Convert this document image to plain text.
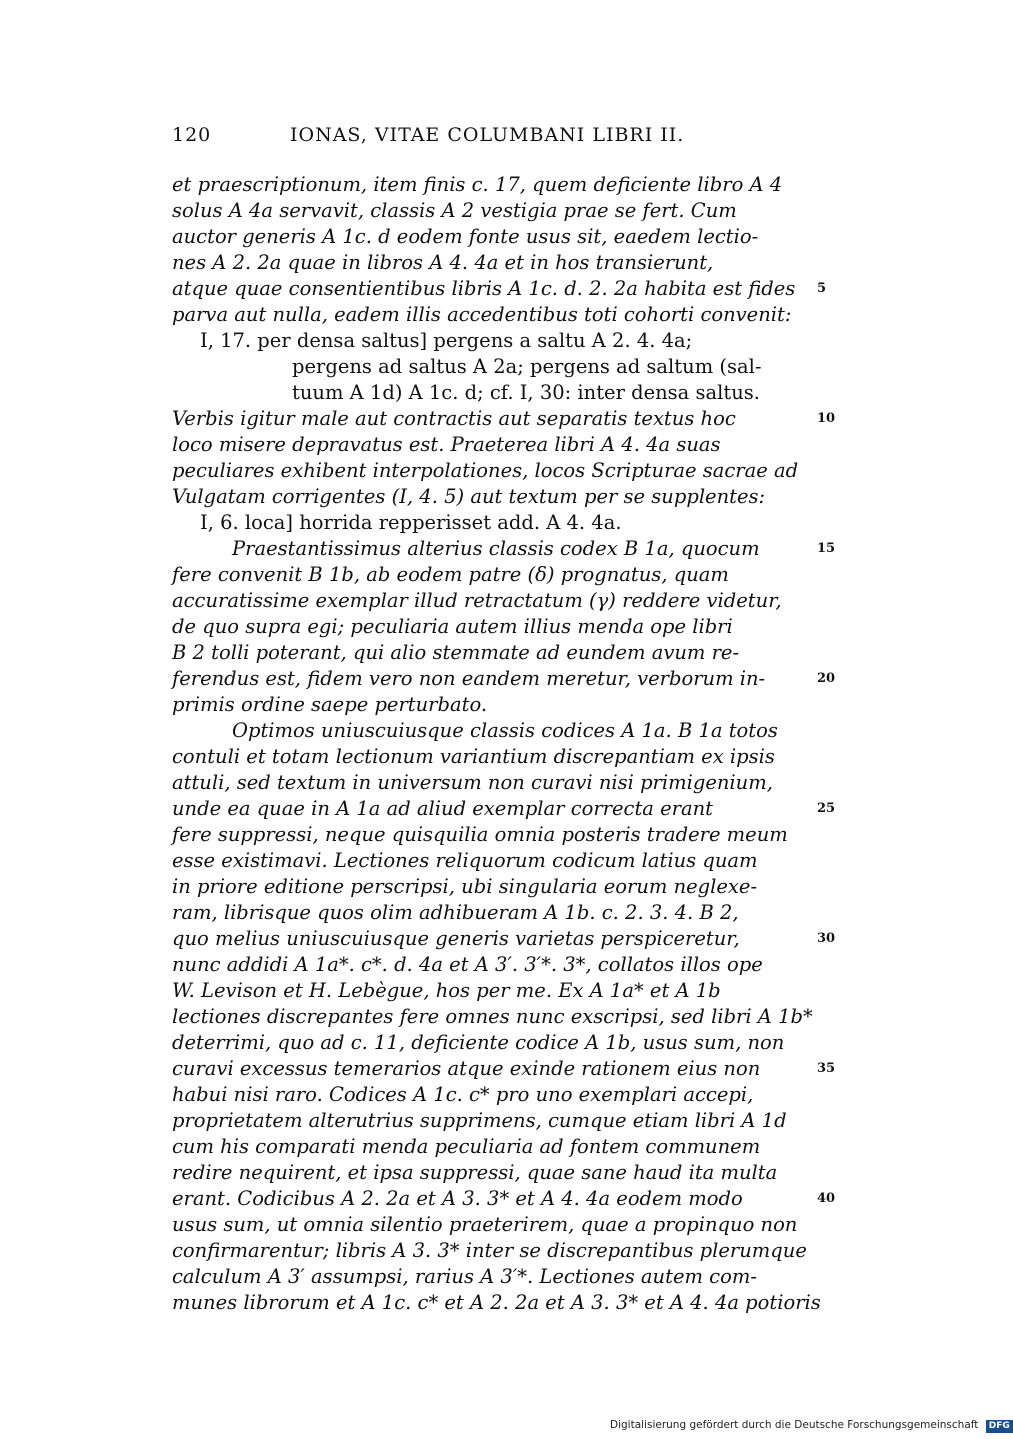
120	IONAS, VITAE COLUMBANI LIBRI II.
et praescriptionum, item finis c. 17, quem deficiente libro A 4
solus A 4a servavit, classis A 2 vestigia prae se fert. Cum
auctor generis A 1c. d eodem fonte usus sit, eaedem lectio-
nes A 2. 2a quae in libros A 4. 4a et in hos transierunt,
atque quae consentientibus libris A 1c. d. 2. 2a habita est fides 5
parva aut nulla, eadem illis accedentibus toti cohorti convenit:
I, 17. per densa saltus] pergens a saltu A 2. 4. 4a;
pergens ad saltus A 2a; pergens ad saltum (sal-
tuum A 1d) A 1c. d; cf. I, 30: inter densa saltus.
Verbis igitur male aut contractis aut separatis textus hoc	10
loco misere depravatus est. Praeterea libri A 4. 4a suas
peculiares exhibent interpolationes, locos Scripturae sacrae ad
Vulgatam corrigentes (I, 4. 5) aut textum per se supplentes:
I, 6. loca] horrida repperisset add. A 4. 4a.
Praestantissimus alterius classis codex B 1a, quocum	15
fere convenit B 1b, ab eodem patre (δ) prognatus, quam
accuratissime exemplar illud retractatum (γ) reddere videtur,
de quo supra egi; peculiaria autem illius menda ope libri
B 2 tolli poterant, qui alio stemmate ad eundem avum re-
ferendus est, fidem vero non eandem meretur, verborum in-	20
primis ordine saepe perturbato.
Optimos uniuscuiusque classis codices A 1a. B 1a totos
contuli et totam lectionum variantium discrepantiam ex ipsis
attuli, sed textum in universum non curavi nisi primigenium,
unde ea quae in A 1a ad aliud exemplar correcta erant	25
fere suppressi, neque quisquilia omnia posteris tradere meum
esse existimavi. Lectiones reliquorum codicum latius quam
in priore editione perscripsi, ubi singularia eorum neglexe-
ram, librisque quos olim adhibueram A 1b. c. 2. 3. 4. B 2,
quo melius uniuscuiusque generis varietas perspiceretur,	30
nunc addidi A 1a*. c*. d. 4a et A 3′. 3′*. 3*, collatos illos ope
W. Levison et H. Lebègue, hos per me. Ex A 1a* et A 1b
lectiones discrepantes fere omnes nunc exscripsi, sed libri A 1b*
deterrimi, quo ad c. 11, deficiente codice A 1b, usus sum, non
curavi excessus temerarios atque exinde rationem eius non	35
habui nisi raro. Codices A 1c. c* pro uno exemplari accepi,
proprietatem alterutrius supprimens, cumque etiam libri A 1d
cum his comparati menda peculiaria ad fontem communem
redire nequirent, et ipsa suppressi, quae sane haud ita multa
erant. Codicibus A 2. 2a et A 3. 3* et A 4. 4a eodem modo	40
usus sum, ut omnia silentio praeterirem, quae a propinquo non
confirmarentur; libris A 3. 3* inter se discrepantibus plerumque
calculum A 3′ assumpsi, rarius A 3′*. Lectiones autem com-
munes librorum et A 1c. c* et A 2. 2a et A 3. 3* et A 4. 4a potioris
Digitalisierung gefördert durch die Deutsche Forschungsgemeinschaft DFG
